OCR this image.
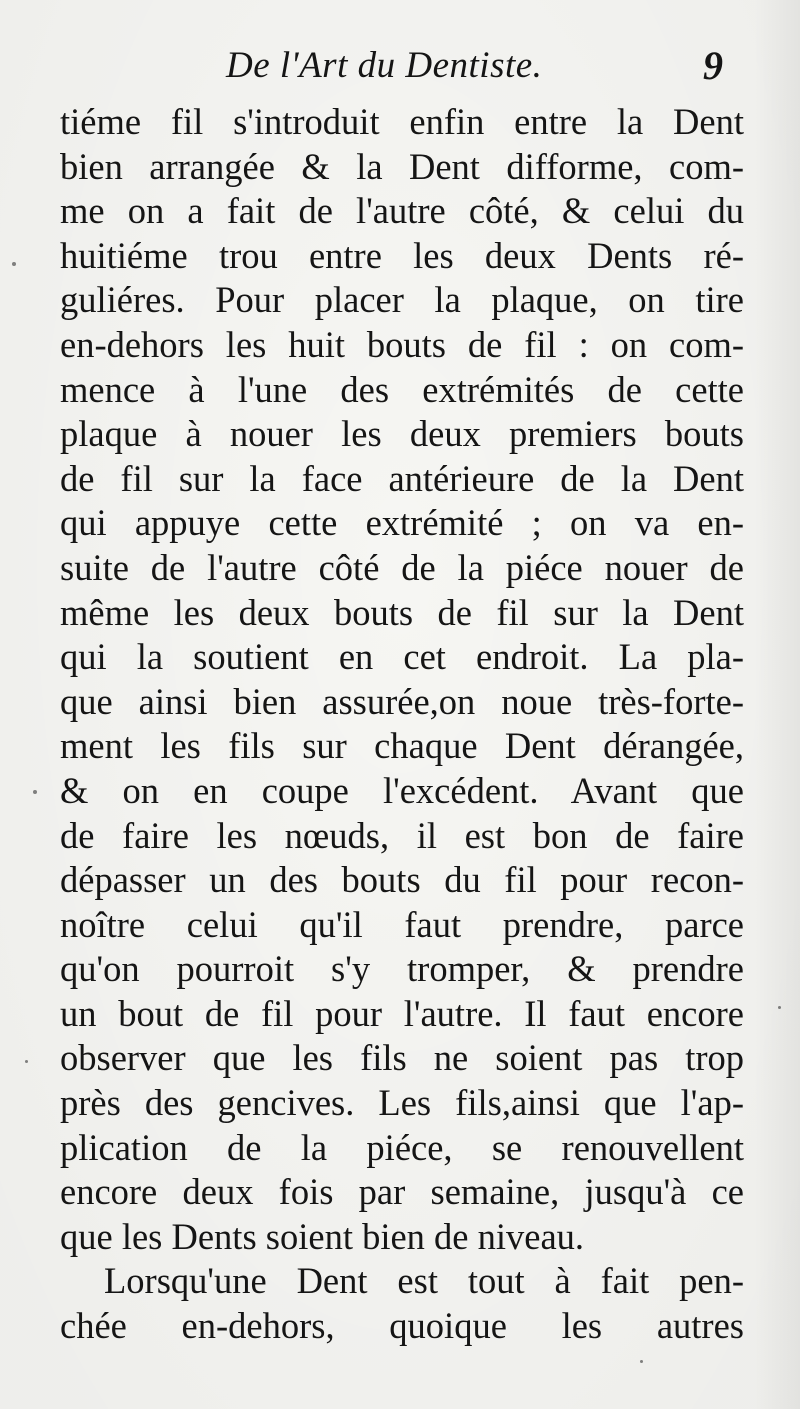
De l'Art du Dentiste.	9
tiéme fil s'introduit enfin entre la Dent
bien arrangée & la Dent difforme, com-
me on a fait de l'autre côté, & celui du
huitiéme trou entre les deux Dents ré-
guliéres. Pour placer la plaque, on tire
en-dehors les huit bouts de fil : on com-
mence à l'une des extrémités de cette
plaque à nouer les deux premiers bouts
de fil sur la face antérieure de la Dent
qui appuye cette extrémité ; on va en-
suite de l'autre côté de la piéce nouer de
même les deux bouts de fil sur la Dent
qui la soutient en cet endroit. La pla-
que ainsi bien assurée,on noue très-forte-
ment les fils sur chaque Dent dérangée,
& on en coupe l'excédent. Avant que
de faire les nœuds, il est bon de faire
dépasser un des bouts du fil pour recon-
noître celui qu'il faut prendre, parce
qu'on pourroit s'y tromper, & prendre
un bout de fil pour l'autre. Il faut encore
observer que les fils ne soient pas trop
près des gencives. Les fils,ainsi que l'ap-
plication de la piéce, se renouvellent
encore deux fois par semaine, jusqu'à ce
que les Dents soient bien de niveau.
Lorsqu'une Dent est tout à fait pen-
chée en-dehors, quoique les autres
